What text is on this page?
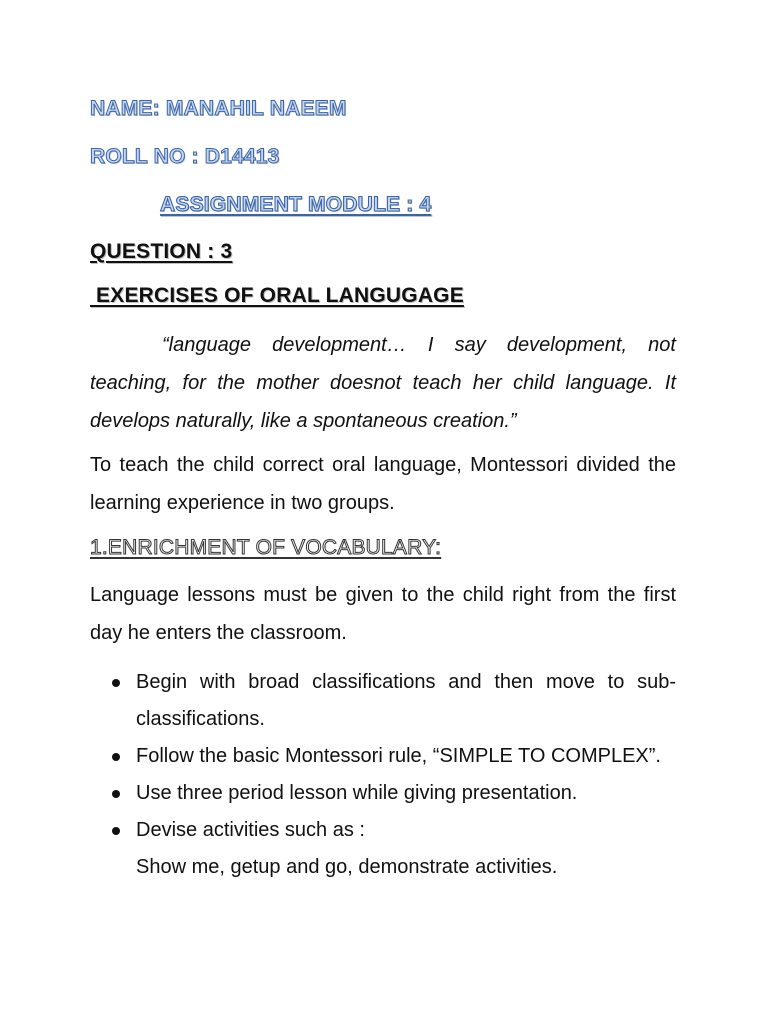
NAME: MANAHIL NAEEM
ROLL NO : D14413
ASSIGNMENT MODULE : 4
QUESTION : 3
EXERCISES OF ORAL LANGUGAGE

“language development… I say development, not teaching, for the mother doesnot teach her child language. It develops naturally, like a spontaneous creation.”

To teach the child correct oral language, Montessori divided the learning experience in two groups.

1.ENRICHMENT OF VOCABULARY:

Language lessons must be given to the child right from the first day he enters the classroom.

Begin with broad classifications and then move to sub-classifications.
Follow the basic Montessori rule, “SIMPLE TO COMPLEX”.
Use three period lesson while giving presentation.
Devise activities such as :
Show me, getup and go, demonstrate activities.
